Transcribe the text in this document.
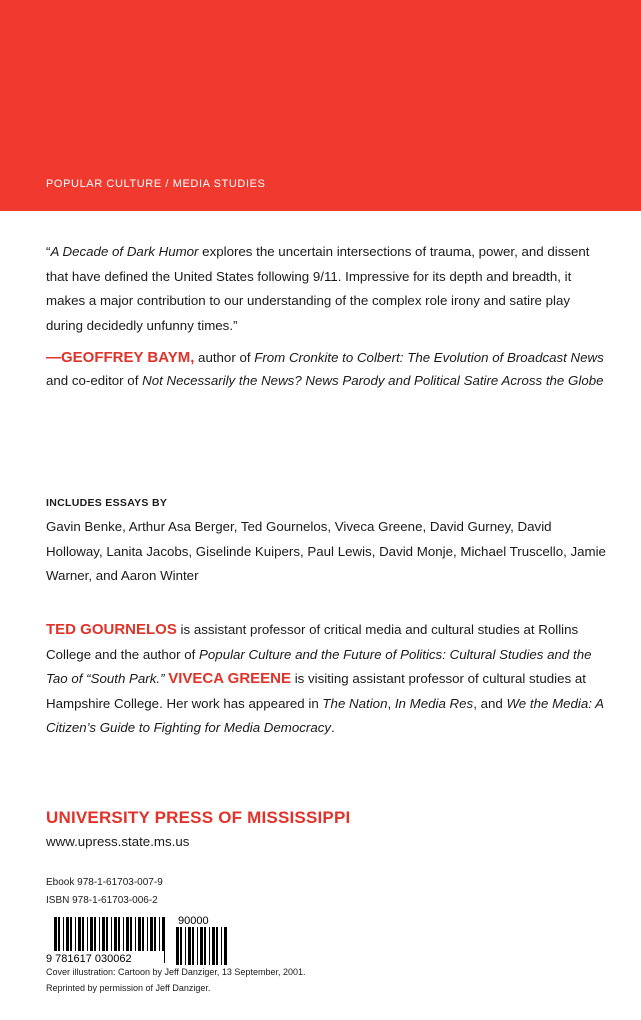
POPULAR CULTURE / MEDIA STUDIES
“A Decade of Dark Humor explores the uncertain intersections of trauma, power, and dissent that have defined the United States following 9/11. Impressive for its depth and breadth, it makes a major contribution to our understanding of the complex role irony and satire play during decidedly unfunny times.”
—GEOFFREY BAYM, author of From Cronkite to Colbert: The Evolution of Broadcast News
and co-editor of Not Necessarily the News? News Parody and Political Satire Across the Globe
INCLUDES ESSAYS BY
Gavin Benke, Arthur Asa Berger, Ted Gournelos, Viveca Greene, David Gurney, David Holloway, Lanita Jacobs, Giselinde Kuipers, Paul Lewis, David Monje, Michael Truscello, Jamie Warner, and Aaron Winter
TED GOURNELOS is assistant professor of critical media and cultural studies at Rollins College and the author of Popular Culture and the Future of Politics: Cultural Studies and the Tao of “South Park.” VIVECA GREENE is visiting assistant professor of cultural studies at Hampshire College. Her work has appeared in The Nation, In Media Res, and We the Media: A Citizen’s Guide to Fighting for Media Democracy.
UNIVERSITY PRESS OF MISSISSIPPI
www.upress.state.ms.us
Ebook 978-1-61703-007-9
ISBN 978-1-61703-006-2
9 781617 030062
90000
Cover illustration: Cartoon by Jeff Danziger, 13 September, 2001.
Reprinted by permission of Jeff Danziger.
